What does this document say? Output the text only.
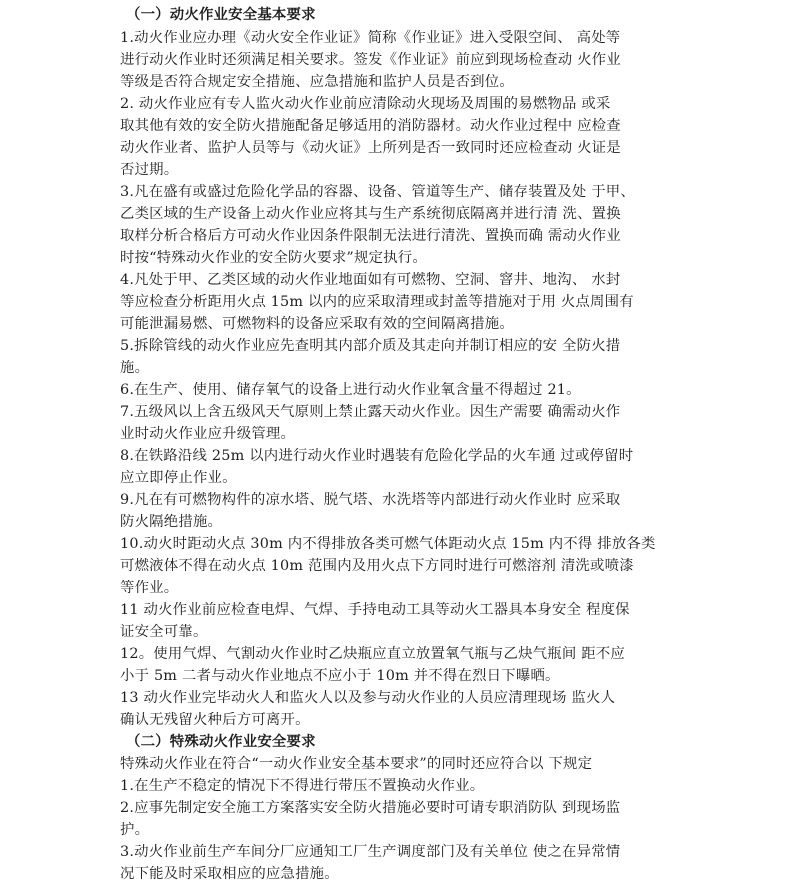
（一）动火作业安全基本要求
1.动火作业应办理《动火安全作业证》简称《作业证》进入受限空间、 高处等
进行动火作业时还须满足相关要求。签发《作业证》前应到现场检查动 火作业
等级是否符合规定安全措施、应急措施和监护人员是否到位。
2. 动火作业应有专人监火动火作业前应清除动火现场及周围的易燃物品 或采
取其他有效的安全防火措施配备足够适用的消防器材。动火作业过程中 应检查
动火作业者、监护人员等与《动火证》上所列是否一致同时还应检查动 火证是
否过期。
3.凡在盛有或盛过危险化学品的容器、设备、管道等生产、储存装置及处 于甲、
乙类区域的生产设备上动火作业应将其与生产系统彻底隔离并进行清 洗、置换
取样分析合格后方可动火作业因条件限制无法进行清洗、置换而确 需动火作业
时按“特殊动火作业的安全防火要求”规定执行。
4.凡处于甲、乙类区域的动火作业地面如有可燃物、空洞、窨井、地沟、 水封
等应检查分析距用火点 15m 以内的应采取清理或封盖等措施对于用 火点周围有
可能泄漏易燃、可燃物料的设备应采取有效的空间隔离措施。
5.拆除管线的动火作业应先查明其内部介质及其走向并制订相应的安 全防火措
施。
6.在生产、使用、储存氧气的设备上进行动火作业氧含量不得超过 21。
7.五级风以上含五级风天气原则上禁止露天动火作业。因生产需要 确需动火作
业时动火作业应升级管理。
8.在铁路沿线 25m 以内进行动火作业时遇装有危险化学品的火车通 过或停留时
应立即停止作业。
9.凡在有可燃物构件的凉水塔、脱气塔、水洗塔等内部进行动火作业时 应采取
防火隔绝措施。
10.动火时距动火点 30m 内不得排放各类可燃气体距动火点 15m 内不得 排放各类
可燃液体不得在动火点 10m 范围内及用火点下方同时进行可燃溶剂 清洗或喷漆
等作业。
11 动火作业前应检查电焊、气焊、手持电动工具等动火工器具本身安全 程度保
证安全可靠。
12。使用气焊、气割动火作业时乙炔瓶应直立放置氧气瓶与乙炔气瓶间 距不应
小于 5m 二者与动火作业地点不应小于 10m 并不得在烈日下曝晒。
13 动火作业完毕动火人和监火人以及参与动火作业的人员应清理现场 监火人
确认无残留火种后方可离开。
（二）特殊动火作业安全要求
特殊动火作业在符合“一动火作业安全基本要求”的同时还应符合以 下规定
1.在生产不稳定的情况下不得进行带压不置换动火作业。
2.应事先制定安全施工方案落实安全防火措施必要时可请专职消防队 到现场监
护。
3.动火作业前生产车间分厂应通知工厂生产调度部门及有关单位 使之在异常情
况下能及时采取相应的应急措施。
